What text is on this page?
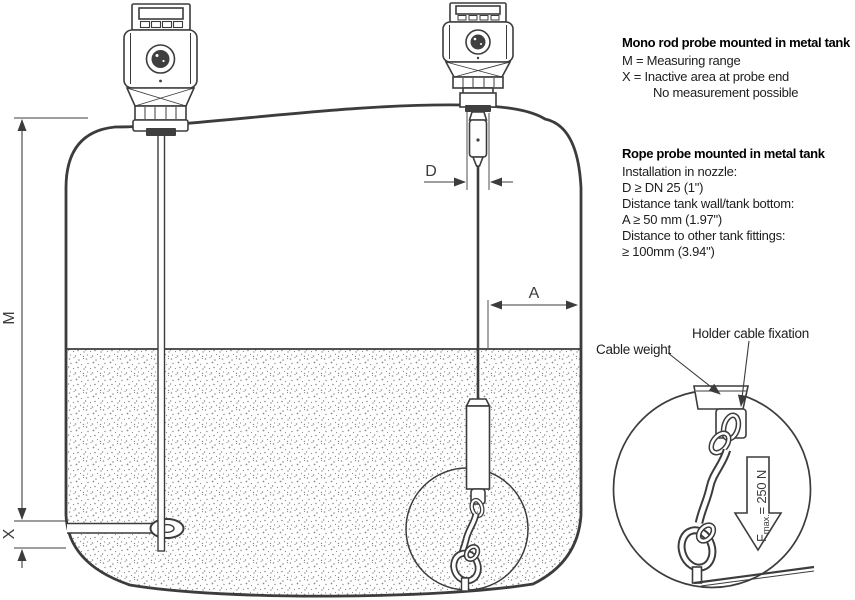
M
X
D
A
$F_{max.}= 250$ N
Mono rod probe mounted in metal tank
M = Measuring range
X = Inactive area at probe end
No measurement possible
Rope probe mounted in metal tank
Installation in nozzle:
D ≥ DN 25 (1")
Distance tank wall/tank bottom:
A ≥ 50 mm (1.97")
Distance to other tank fittings:
≥ 100mm (3.94")
Cable weight
Holder cable fixation
